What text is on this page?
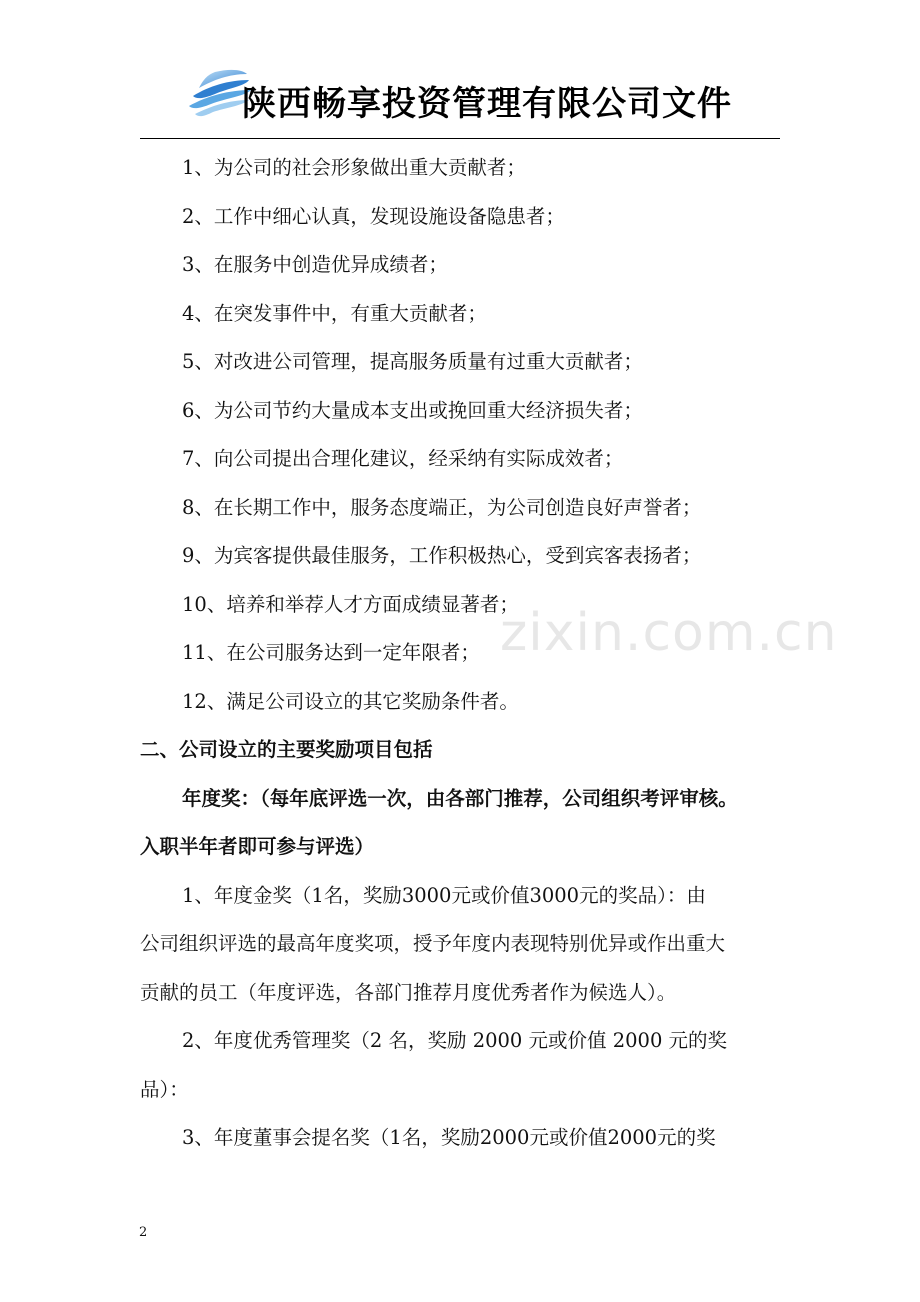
陕西畅享投资管理有限公司文件
zixin.com.cn
1、为公司的社会形象做出重大贡献者；
2、工作中细心认真，发现设施设备隐患者；
3、在服务中创造优异成绩者；
4、在突发事件中，有重大贡献者；
5、对改进公司管理，提高服务质量有过重大贡献者；
6、为公司节约大量成本支出或挽回重大经济损失者；
7、向公司提出合理化建议，经采纳有实际成效者；
8、在长期工作中，服务态度端正，为公司创造良好声誉者；
9、为宾客提供最佳服务，工作积极热心，受到宾客表扬者；
10、培养和举荐人才方面成绩显著者；
11、在公司服务达到一定年限者；
12、满足公司设立的其它奖励条件者。
二、公司设立的主要奖励项目包括
年度奖：（每年底评选一次，由各部门推荐，公司组织考评审核。
入职半年者即可参与评选）
1、年度金奖（1名，奖励3000元或价值3000元的奖品）：由
公司组织评选的最高年度奖项，授予年度内表现特别优异或作出重大
贡献的员工（年度评选，各部门推荐月度优秀者作为候选人）。
2、年度优秀管理奖（2 名，奖励 2000 元或价值 2000 元的奖
品）：
3、年度董事会提名奖（1名，奖励2000元或价值2000元的奖
2
